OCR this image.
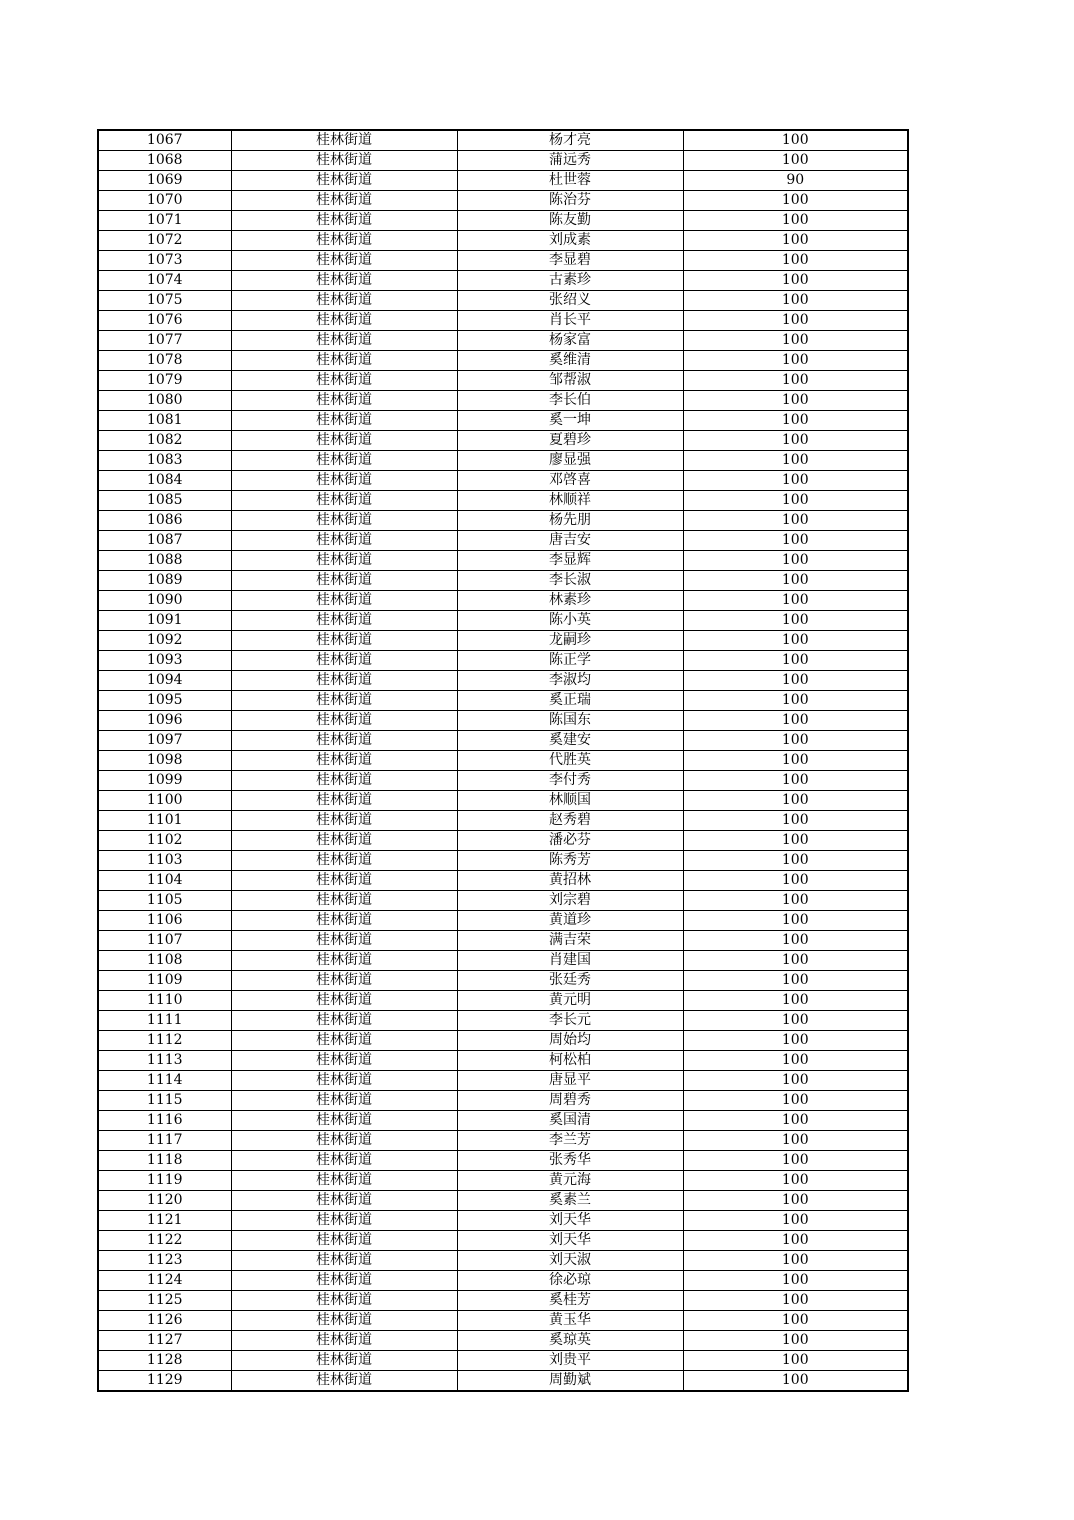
1067	桂林街道	杨才亮	100
1068	桂林街道	蒲远秀	100
1069	桂林街道	杜世蓉	90
1070	桂林街道	陈治芬	100
1071	桂林街道	陈友勤	100
1072	桂林街道	刘成素	100
1073	桂林街道	李显碧	100
1074	桂林街道	古素珍	100
1075	桂林街道	张绍义	100
1076	桂林街道	肖长平	100
1077	桂林街道	杨家富	100
1078	桂林街道	奚维清	100
1079	桂林街道	邹帮淑	100
1080	桂林街道	李长伯	100
1081	桂林街道	奚一坤	100
1082	桂林街道	夏碧珍	100
1083	桂林街道	廖显强	100
1084	桂林街道	邓啓喜	100
1085	桂林街道	林顺祥	100
1086	桂林街道	杨先朋	100
1087	桂林街道	唐吉安	100
1088	桂林街道	李显辉	100
1089	桂林街道	李长淑	100
1090	桂林街道	林素珍	100
1091	桂林街道	陈小英	100
1092	桂林街道	龙嗣珍	100
1093	桂林街道	陈正学	100
1094	桂林街道	李淑均	100
1095	桂林街道	奚正瑞	100
1096	桂林街道	陈国东	100
1097	桂林街道	奚建安	100
1098	桂林街道	代胜英	100
1099	桂林街道	李付秀	100
1100	桂林街道	林顺国	100
1101	桂林街道	赵秀碧	100
1102	桂林街道	潘必芬	100
1103	桂林街道	陈秀芳	100
1104	桂林街道	黄招林	100
1105	桂林街道	刘宗碧	100
1106	桂林街道	黄道珍	100
1107	桂林街道	满吉荣	100
1108	桂林街道	肖建国	100
1109	桂林街道	张廷秀	100
1110	桂林街道	黄元明	100
1111	桂林街道	李长元	100
1112	桂林街道	周始均	100
1113	桂林街道	柯松柏	100
1114	桂林街道	唐显平	100
1115	桂林街道	周碧秀	100
1116	桂林街道	奚国清	100
1117	桂林街道	李兰芳	100
1118	桂林街道	张秀华	100
1119	桂林街道	黄元海	100
1120	桂林街道	奚素兰	100
1121	桂林街道	刘天华	100
1122	桂林街道	刘天华	100
1123	桂林街道	刘天淑	100
1124	桂林街道	徐必琼	100
1125	桂林街道	奚桂芳	100
1126	桂林街道	黄玉华	100
1127	桂林街道	奚琼英	100
1128	桂林街道	刘贵平	100
1129	桂林街道	周勤斌	100
